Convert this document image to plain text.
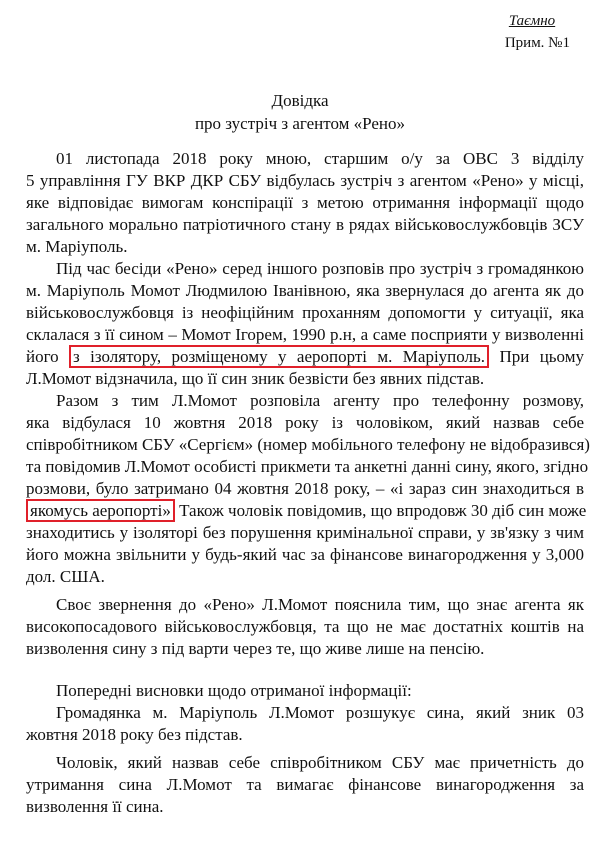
Таємно
Прим. №1
Довідка
про зустріч з агентом «Рено»
01 листопада 2018 року мною, старшим о/у за ОВС 3 відділу
5 управління ГУ ВКР ДКР СБУ відбулась зустріч з агентом «Рено» у місці,
яке відповідає вимогам конспірації з метою отримання інформації щодо
загального морально патріотичного стану в рядах військовослужбовців ЗСУ
м. Маріуполь.
Під час бесіди «Рено» серед іншого розповів про зустріч з громадянкою
м. Маріуполь Момот Людмилою Іванівною, яка звернулася до агента як до
військовослужбовця із неофіційним проханням допомогти у ситуації, яка
склалася з її сином – Момот Ігорем, 1990 р.н, а саме посприяти у визволенні
його з ізолятору, розміщеному у аеропорті м. Маріуполь. При цьому
Л.Момот відзначила, що її син зник безвісти без явних підстав.
Разом з тим Л.Момот розповіла агенту про телефонну розмову,
яка відбулася 10 жовтня 2018 року із чоловіком, який назвав себе
співробітником СБУ «Сергієм» (номер мобільного телефону не відобразився)
та повідомив Л.Момот особисті прикмети та анкетні данні сину, якого, згідно
розмови, було затримано 04 жовтня 2018 року, – «і зараз син знаходиться в
якомусь аеропорті» Також чоловік повідомив, що впродовж 30 діб син може
знаходитись у ізоляторі без порушення кримінальної справи, у зв'язку з чим
його можна звільнити у будь-який час за фінансове винагородження у 3,000
дол. США.
Своє звернення до «Рено» Л.Момот пояснила тим, що знає агента як
високопосадового військовослужбовця, та що не має достатніх коштів на
визволення сину з під варти через те, що живе лише на пенсію.
Попередні висновки щодо отриманої інформації:
Громадянка м. Маріуполь Л.Момот розшукує сина, який зник 03
жовтня 2018 року без підстав.
Чоловік, який назвав себе співробітником СБУ має причетність до
утримання сина Л.Момот та вимагає фінансове винагородження за
визволення її сина.
